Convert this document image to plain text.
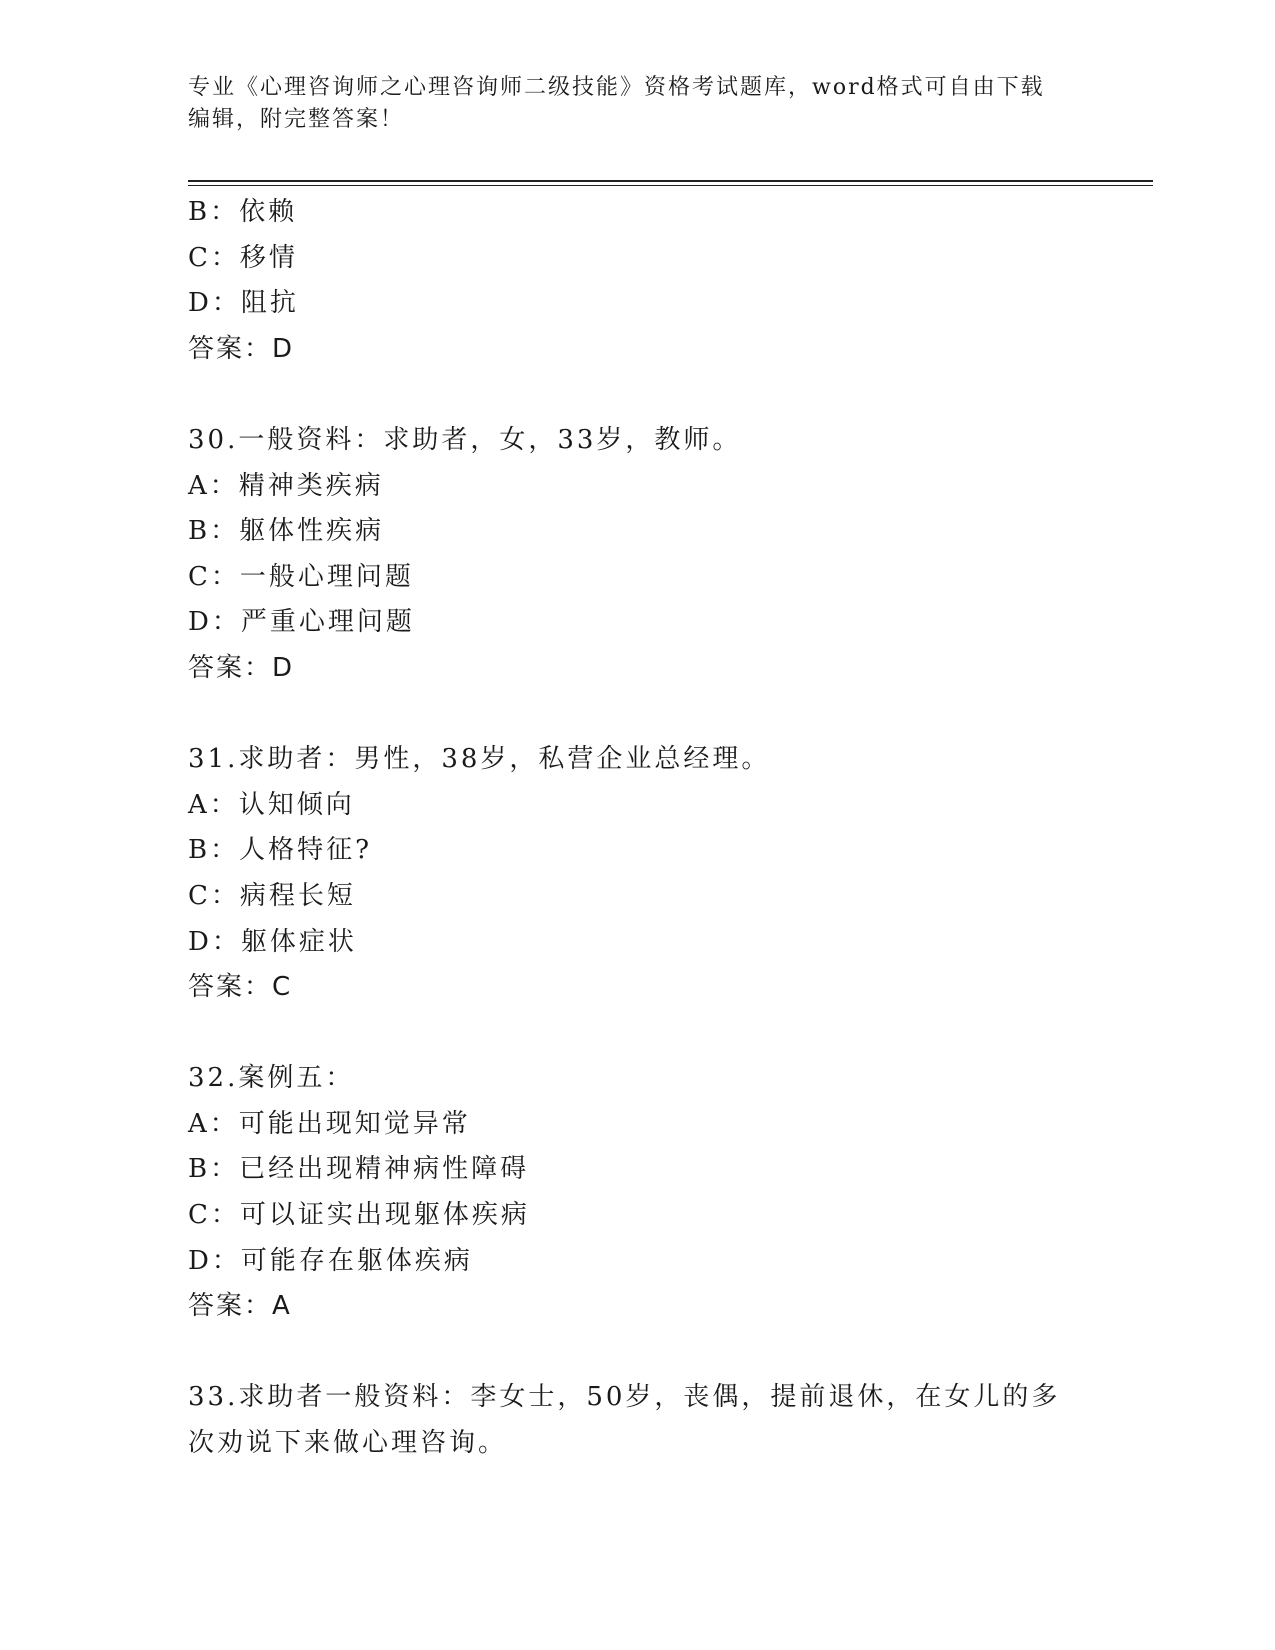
专业《心理咨询师之心理咨询师二级技能》资格考试题库，word格式可自由下载编辑，附完整答案！
B：依赖
C：移情
D：阻抗
答案：D
30.一般资料：求助者，女，33岁，教师。
A：精神类疾病
B：躯体性疾病
C：一般心理问题
D：严重心理问题
答案：D
31.求助者：男性，38岁，私营企业总经理。
A：认知倾向
B：人格特征?
C：病程长短
D：躯体症状
答案：C
32.案例五：
A：可能出现知觉异常
B：已经出现精神病性障碍
C：可以证实出现躯体疾病
D：可能存在躯体疾病
答案：A
33.求助者一般资料：李女士，50岁，丧偶，提前退休，在女儿的多次劝说下来做心理咨询。
